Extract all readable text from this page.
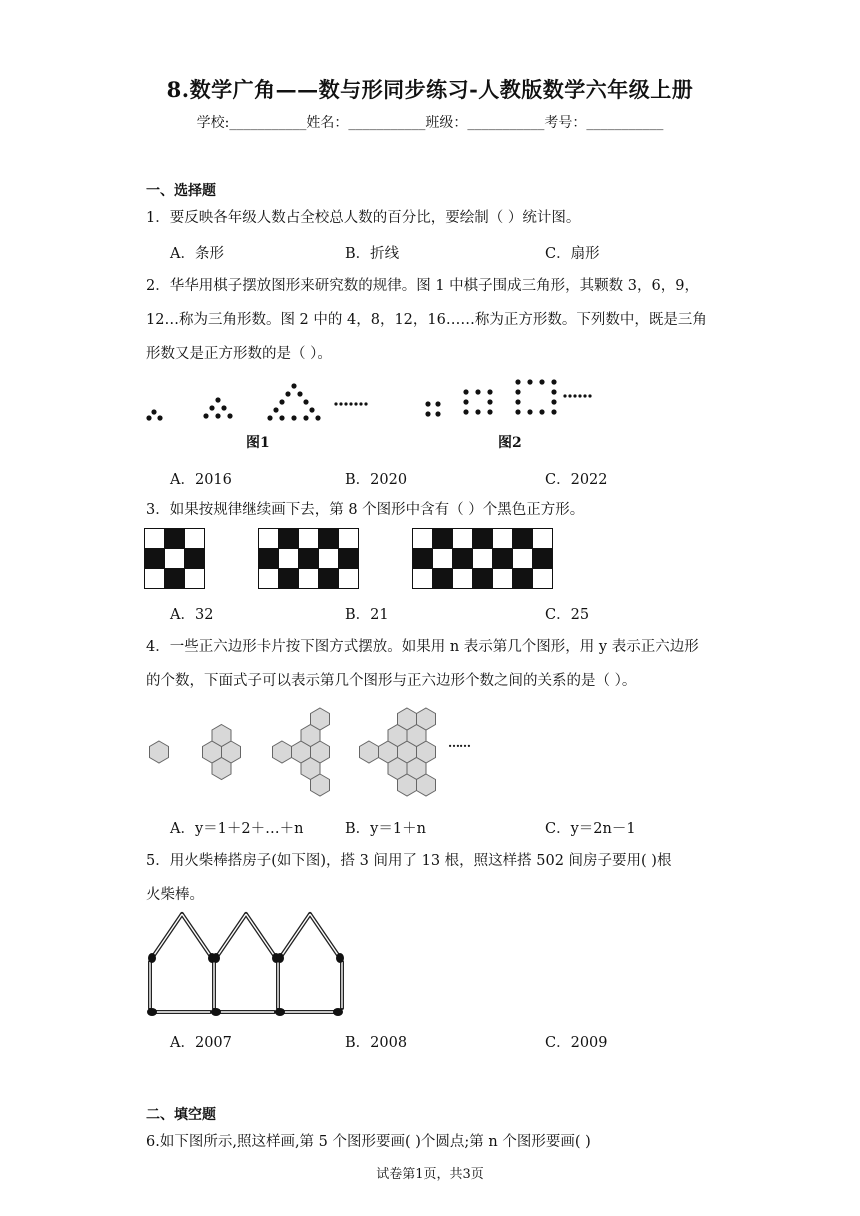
8.数学广角——数与形同步练习-人教版数学六年级上册
学校:___________姓名：___________班级：___________考号：___________
一、选择题
1．要反映各年级人数占全校总人数的百分比，要绘制（ ）统计图。
A．条形	B．折线	C．扇形
2．华华用棋子摆放图形来研究数的规律。图 1 中棋子围成三角形，其颗数 3，6，9，
12…称为三角形数。图 2 中的 4，8，12，16……称为正方形数。下列数中，既是三角
形数又是正方形数的是（ ）。
图1	图2
A．2016	B．2020	C．2022
3．如果按规律继续画下去，第 8 个图形中含有（ ）个黑色正方形。
A．32	B．21	C．25
4．一些正六边形卡片按下图方式摆放。如果用 n 表示第几个图形，用 y 表示正六边形
的个数，下面式子可以表示第几个图形与正六边形个数之间的关系的是（ ）。
……
A．y＝1＋2＋…＋n	B．y＝1＋n	C．y＝2n－1
5．用火柴棒搭房子(如下图)，搭 3 间用了 13 根，照这样搭 502 间房子要用( )根
火柴棒。
A．2007	B．2008	C．2009
二、填空题
6.如下图所示,照这样画,第 5 个图形要画( )个圆点;第 n 个图形要画( )
试卷第1页，共3页
